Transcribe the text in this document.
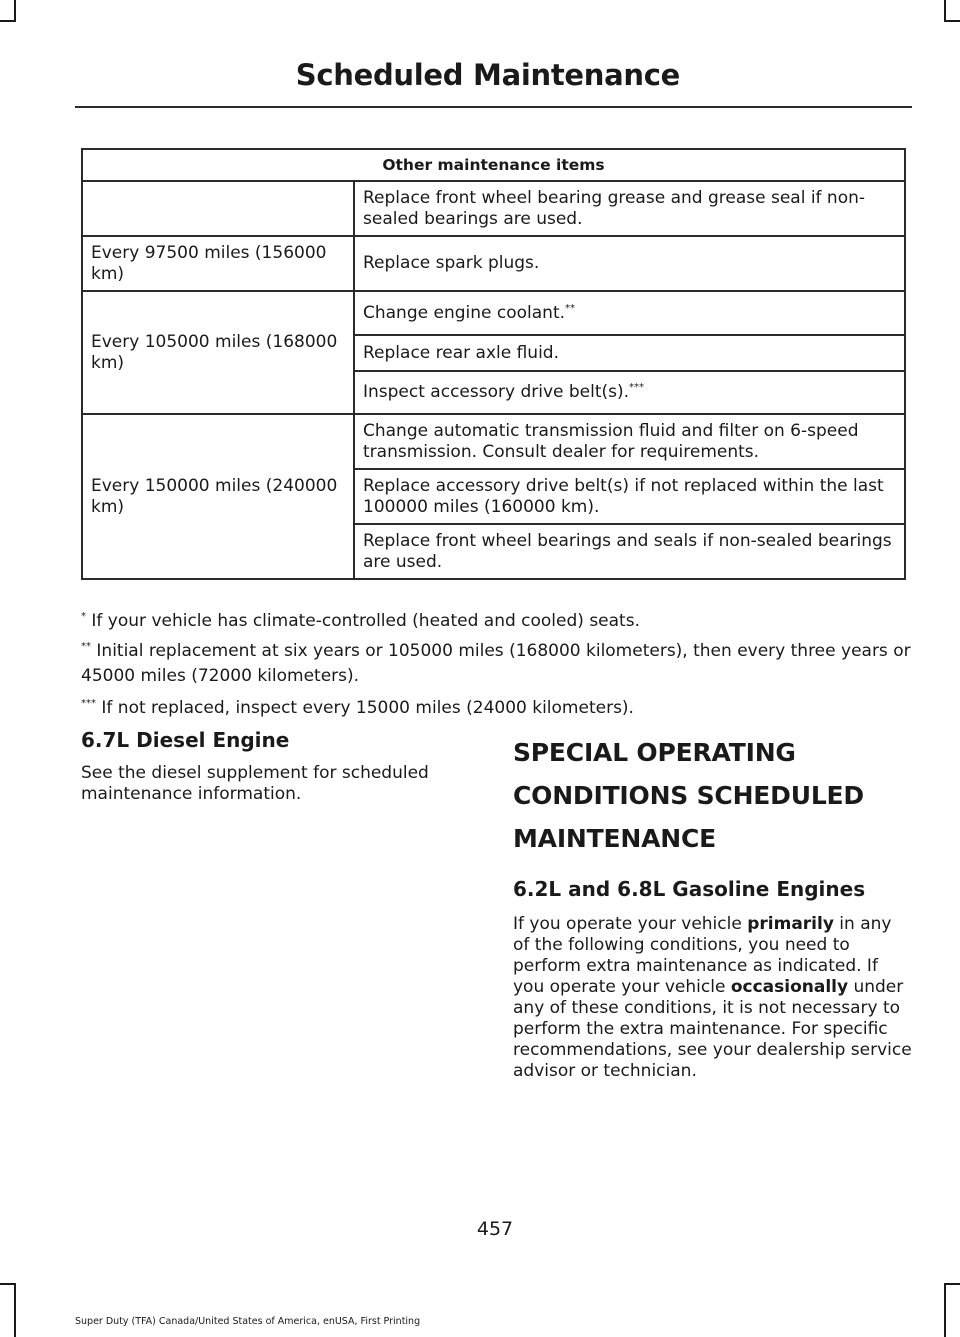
Scheduled Maintenance
Other maintenance items	
	Replace front wheel bearing grease and grease seal if non-sealed bearings are used.
Every 97500 miles (156000 km)	Replace spark plugs.
Every 105000 miles (168000 km)	Change engine coolant.**
	Replace rear axle fluid.
	Inspect accessory drive belt(s).***
Every 150000 miles (240000 km)	Change automatic transmission fluid and filter on 6-speed transmission. Consult dealer for requirements.
	Replace accessory drive belt(s) if not replaced within the last 100000 miles (160000 km).
	Replace front wheel bearings and seals if non-sealed bearings are used.

* If your vehicle has climate-controlled (heated and cooled) seats.

** Initial replacement at six years or 105000 miles (168000 kilometers), then every three years or 45000 miles (72000 kilometers).

*** If not replaced, inspect every 15000 miles (24000 kilometers).

6.7L Diesel Engine

See the diesel supplement for scheduled maintenance information.

SPECIAL OPERATING CONDITIONS SCHEDULED MAINTENANCE
6.2L and 6.8L Gasoline Engines

If you operate your vehicle primarily in any of the following conditions, you need to perform extra maintenance as indicated. If you operate your vehicle occasionally under any of these conditions, it is not necessary to perform the extra maintenance. For specific recommendations, see your dealership service advisor or technician.

457
Super Duty (TFA) Canada/United States of America, enUSA, First Printing
